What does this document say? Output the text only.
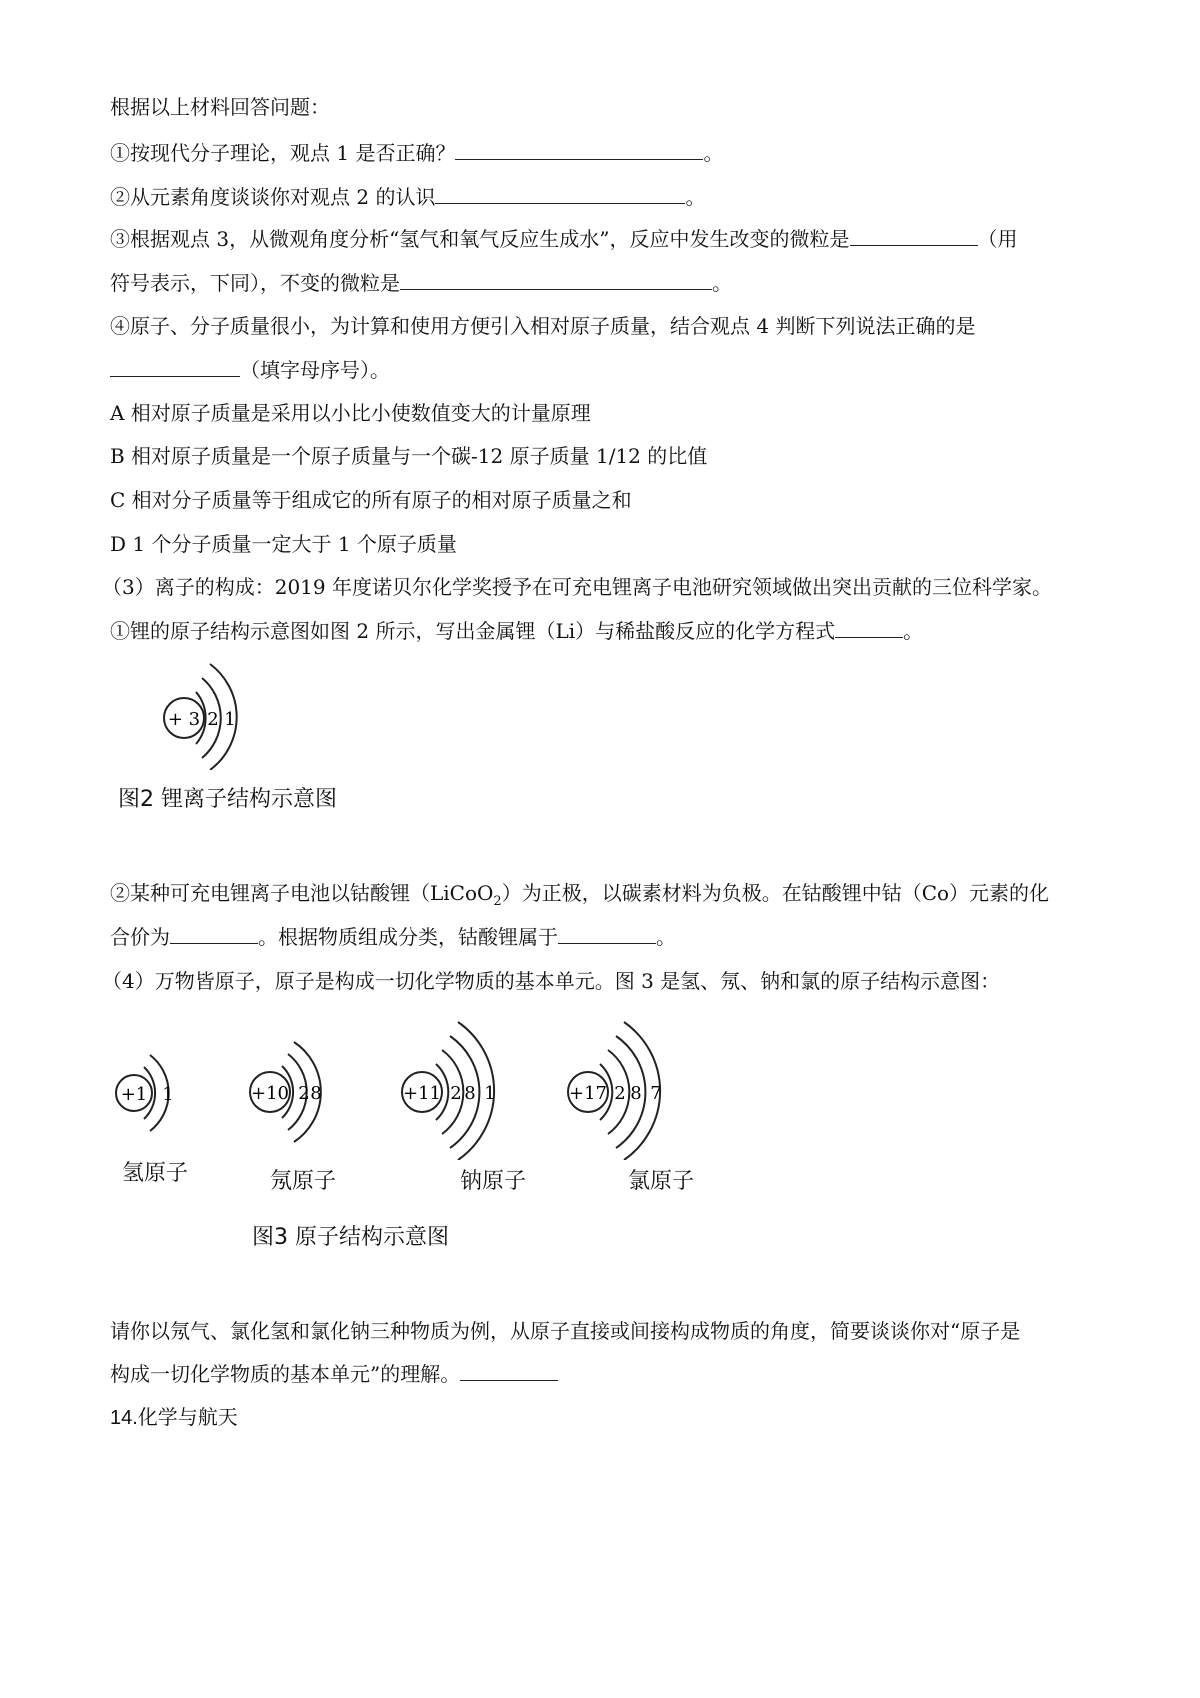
根据以上材料回答问题：
①按现代分子理论，观点 1 是否正确？	。
②从元素角度谈谈你对观点 2 的认识	。
③根据观点 3，从微观角度分析“氢气和氧气反应生成水”，反应中发生改变的微粒是	（用
符号表示，下同），不变的微粒是	。
④原子、分子质量很小，为计算和使用方便引入相对原子质量，结合观点 4 判断下列说法正确的是
（填字母序号）。
A 相对原子质量是采用以小比小使数值变大的计量原理
B 相对原子质量是一个原子质量与一个碳-12 原子质量 1/12 的比值
C 相对分子质量等于组成它的所有原子的相对原子质量之和
D 1 个分子质量一定大于 1 个原子质量
（3）离子的构成：2019 年度诺贝尔化学奖授予在可充电锂离子电池研究领域做出突出贡献的三位科学家。
①锂的原子结构示意图如图 2 所示，写出金属锂（Li）与稀盐酸反应的化学方程式	。
+ 3 2 1
图2 锂离子结构示意图
②某种可充电锂离子电池以钴酸锂（LiCoO$_2$）为正极，以碳素材料为负极。在钴酸锂中钴（Co）元素的化
合价为	。根据物质组成分类，钴酸锂属于	。
（4）万物皆原子，原子是构成一切化学物质的基本单元。图 3 是氢、氖、钠和氯的原子结构示意图：
+1 1	+10 2 8	+11 2 8 1	+17 2 8 7
氢原子	氖原子	钠原子	氯原子
图3 原子结构示意图
请你以氖气、氯化氢和氯化钠三种物质为例，从原子直接或间接构成物质的角度，简要谈谈你对“原子是
构成一切化学物质的基本单元”的理解。
14.化学与航天
